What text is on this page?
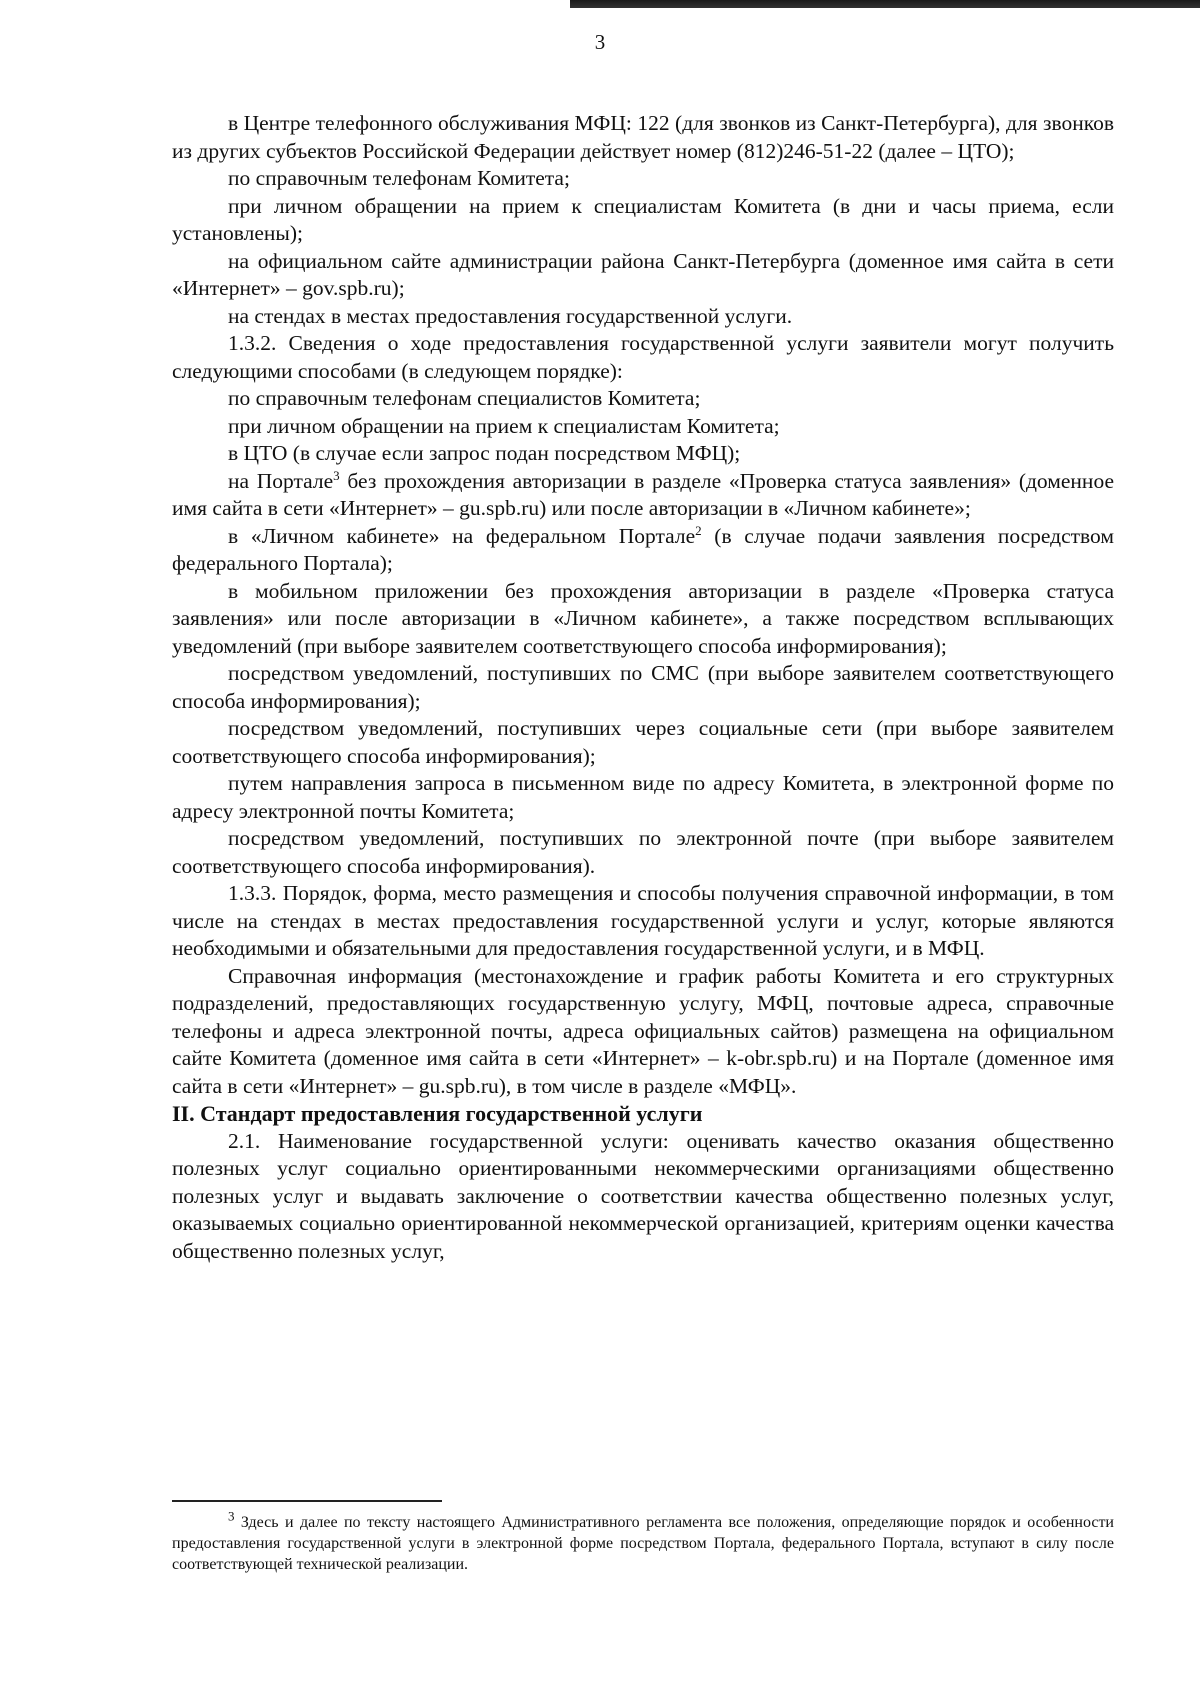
3

в Центре телефонного обслуживания МФЦ: 122 (для звонков из Санкт-Петербурга), для звонков из других субъектов Российской Федерации действует номер (812)246-51-22 (далее – ЦТО);

по справочным телефонам Комитета;

при личном обращении на прием к специалистам Комитета (в дни и часы приема, если установлены);

на официальном сайте администрации района Санкт-Петербурга (доменное имя сайта в сети «Интернет» – gov.spb.ru);

на стендах в местах предоставления государственной услуги.

1.3.2. Сведения о ходе предоставления государственной услуги заявители могут получить следующими способами (в следующем порядке):

по справочным телефонам специалистов Комитета;

при личном обращении на прием к специалистам Комитета;

в ЦТО (в случае если запрос подан посредством МФЦ);

на Портале$^3$ без прохождения авторизации в разделе «Проверка статуса заявления» (доменное имя сайта в сети «Интернет» – gu.spb.ru) или после авторизации в «Личном кабинете»;

в «Личном кабинете» на федеральном Портале$^2$ (в случае подачи заявления посредством федерального Портала);

в мобильном приложении без прохождения авторизации в разделе «Проверка статуса заявления» или после авторизации в «Личном кабинете», а также посредством всплывающих уведомлений (при выборе заявителем соответствующего способа информирования);

посредством уведомлений, поступивших по СМС (при выборе заявителем соответствующего способа информирования);

посредством уведомлений, поступивших через социальные сети (при выборе заявителем соответствующего способа информирования);

путем направления запроса в письменном виде по адресу Комитета, в электронной форме по адресу электронной почты Комитета;

посредством уведомлений, поступивших по электронной почте (при выборе заявителем соответствующего способа информирования).

1.3.3. Порядок, форма, место размещения и способы получения справочной информации, в том числе на стендах в местах предоставления государственной услуги и услуг, которые являются необходимыми и обязательными для предоставления государственной услуги, и в МФЦ.

Справочная информация (местонахождение и график работы Комитета и его структурных подразделений, предоставляющих государственную услугу, МФЦ, почтовые адреса, справочные телефоны и адреса электронной почты, адреса официальных сайтов) размещена на официальном сайте Комитета (доменное имя сайта в сети «Интернет» – k-obr.spb.ru) и на Портале (доменное имя сайта в сети «Интернет» – gu.spb.ru), в том числе в разделе «МФЦ».

II. Стандарт предоставления государственной услуги

2.1. Наименование государственной услуги: оценивать качество оказания общественно полезных услуг социально ориентированными некоммерческими организациями общественно полезных услуг и выдавать заключение о соответствии качества общественно полезных услуг, оказываемых социально ориентированной некоммерческой организацией, критериям оценки качества общественно полезных услуг,

$^3$ Здесь и далее по тексту настоящего Административного регламента все положения, определяющие порядок и особенности предоставления государственной услуги в электронной форме посредством Портала, федерального Портала, вступают в силу после соответствующей технической реализации.
